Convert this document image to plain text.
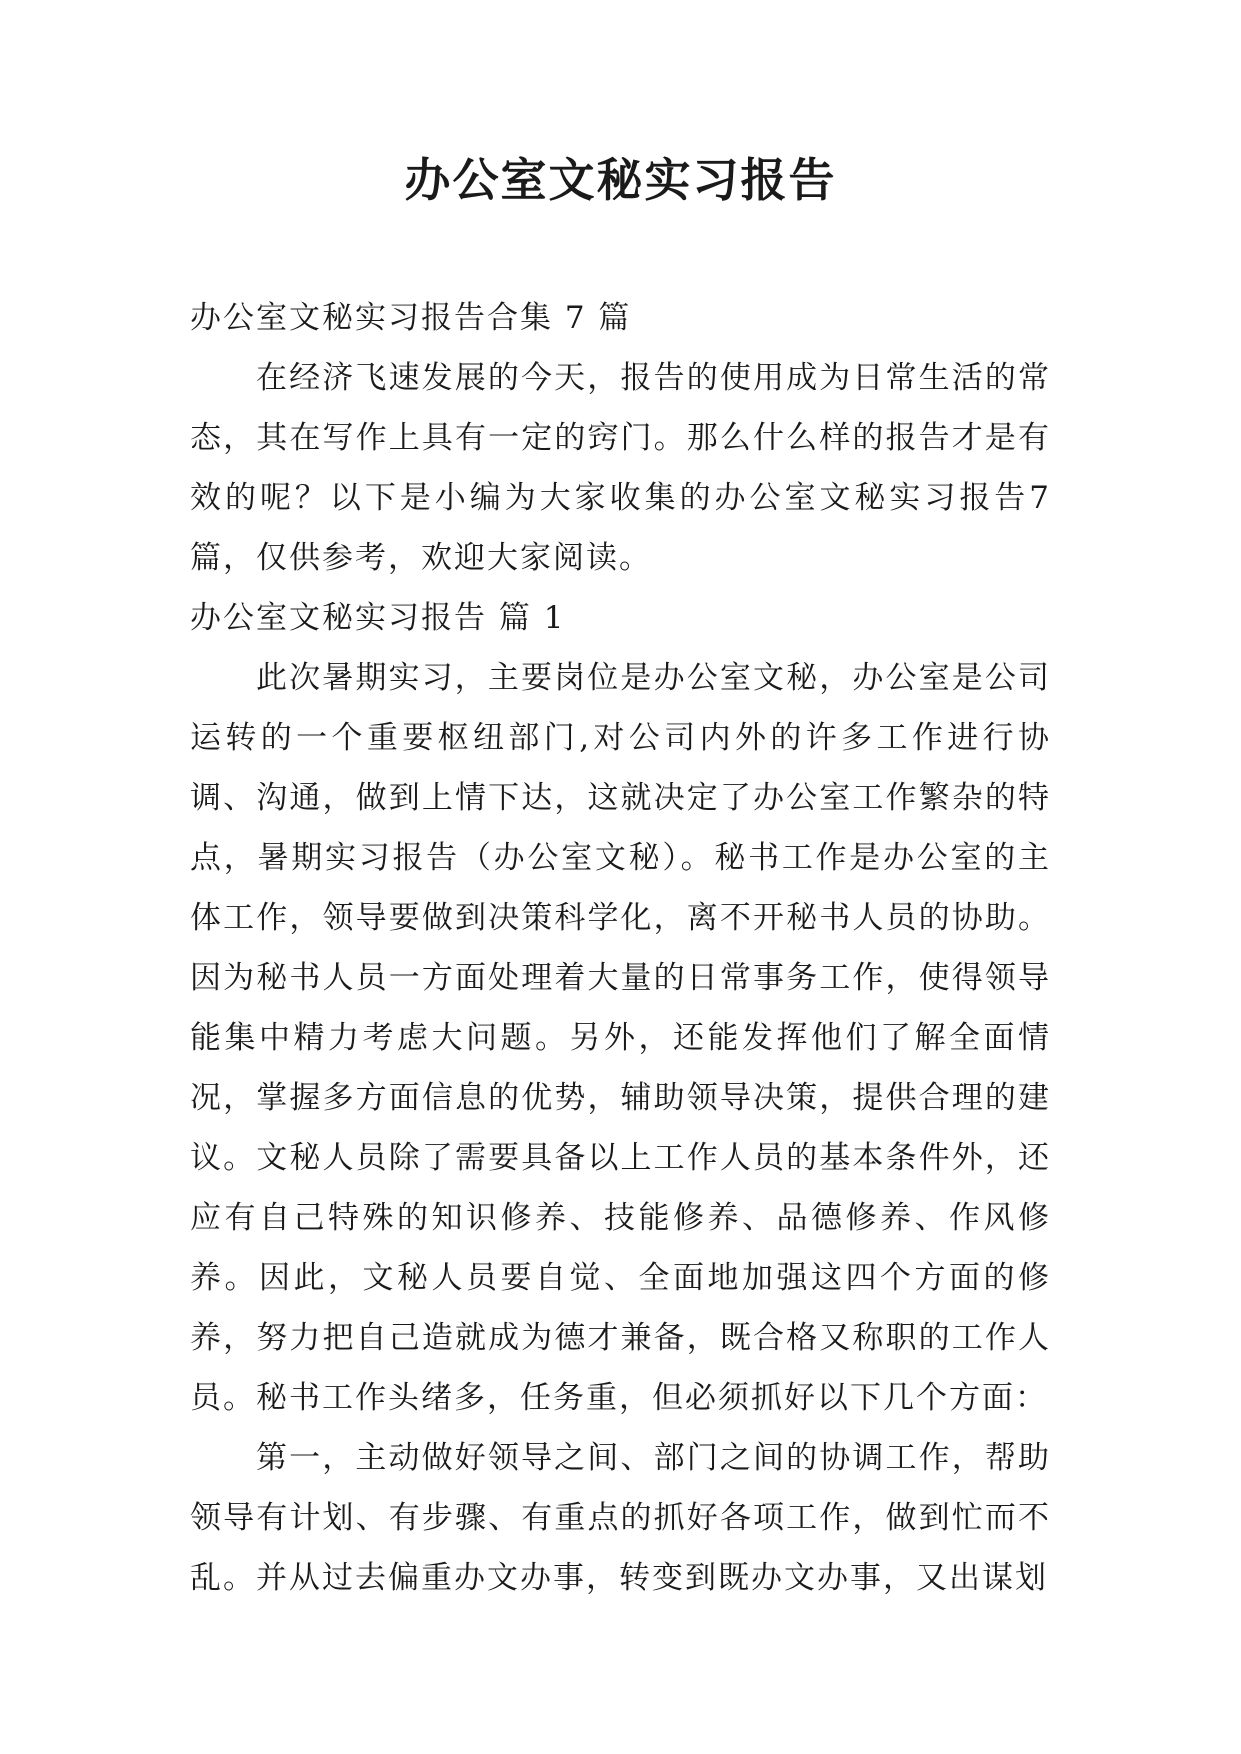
办公室文秘实习报告

办公室文秘实习报告合集 7 篇

在经济飞速发展的今天，报告的使用成为日常生活的常态，其在写作上具有一定的窍门。那么什么样的报告才是有效的呢？以下是小编为大家收集的办公室文秘实习报告7篇，仅供参考，欢迎大家阅读。

办公室文秘实习报告 篇 1

此次暑期实习，主要岗位是办公室文秘，办公室是公司运转的一个重要枢纽部门,对公司内外的许多工作进行协调、沟通，做到上情下达，这就决定了办公室工作繁杂的特点，暑期实习报告（办公室文秘）。秘书工作是办公室的主体工作，领导要做到决策科学化，离不开秘书人员的协助。因为秘书人员一方面处理着大量的日常事务工作，使得领导能集中精力考虑大问题。另外，还能发挥他们了解全面情况，掌握多方面信息的优势，辅助领导决策，提供合理的建议。文秘人员除了需要具备以上工作人员的基本条件外，还应有自己特殊的知识修养、技能修养、品德修养、作风修养。因此，文秘人员要自觉、全面地加强这四个方面的修养，努力把自己造就成为德才兼备，既合格又称职的工作人员。秘书工作头绪多，任务重，但必须抓好以下几个方面：

第一，主动做好领导之间、部门之间的协调工作，帮助领导有计划、有步骤、有重点的抓好各项工作，做到忙而不乱。并从过去偏重办文办事，转变到既办文办事，又出谋划
